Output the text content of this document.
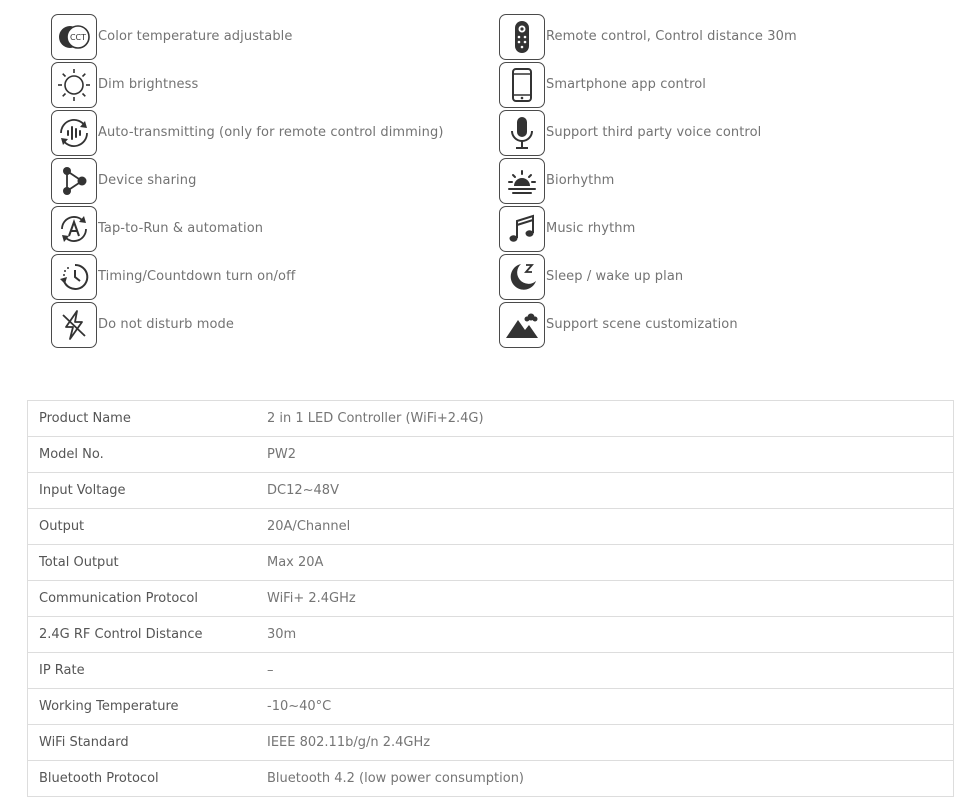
CCT Color temperature adjustable
Dim brightness
Auto-transmitting (only for remote control dimming)
Device sharing
Tap-to-Run & automation
Timing/Countdown turn on/off
Do not disturb mode
Remote control, Control distance 30m
Smartphone app control
Support third party voice control
Biorhythm
Music rhythm
Sleep / wake up plan
Support scene customization
Product Name	2 in 1 LED Controller (WiFi+2.4G)
Model No.	PW2
Input Voltage	DC12~48V
Output	20A/Channel
Total Output	Max 20A
Communication Protocol	WiFi+ 2.4GHz
2.4G RF Control Distance	30m
IP Rate	–
Working Temperature	-10~40°C
WiFi Standard	IEEE 802.11b/g/n 2.4GHz
Bluetooth Protocol	Bluetooth 4.2 (low power consumption)
